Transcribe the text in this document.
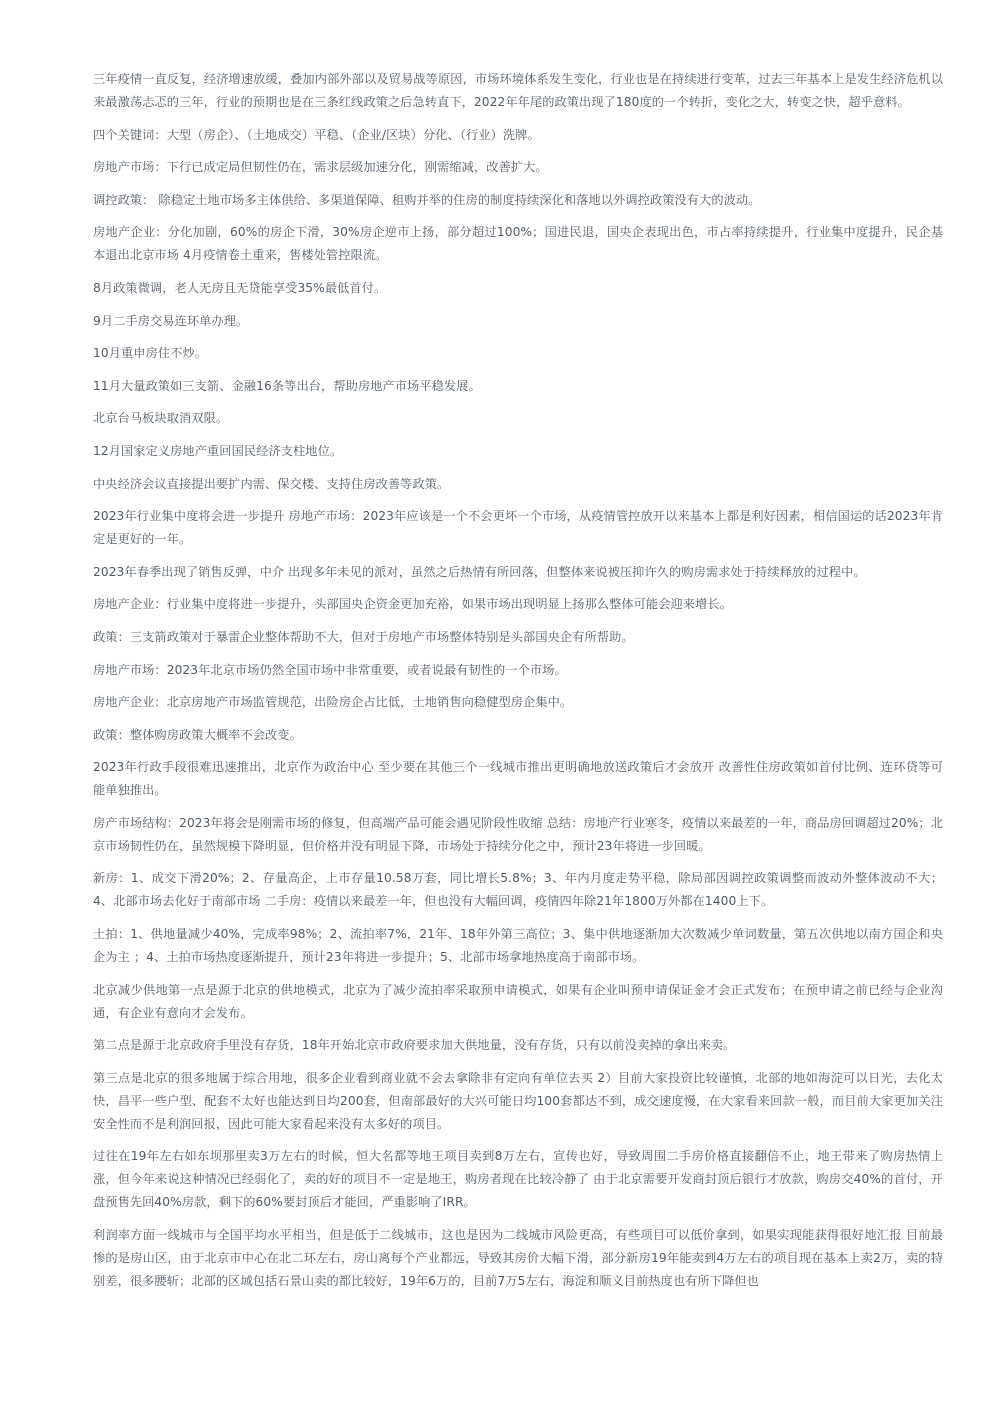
三年疫情一直反复，经济增速放缓，叠加内部外部以及贸易战等原因，市场环境体系发生变化，行业也是在持续进行变革，过去三年基本上是发生经济危机以来最激荡忐忑的三年，行业的预期也是在三条红线政策之后急转直下，2022年年尾的政策出现了180度的一个转折，变化之大，转变之快，超乎意料。

四个关键词：大型（房企）、（土地成交）平稳、（企业/区块）分化、（行业）洗牌。

房地产市场：下行已成定局但韧性仍在，需求层级加速分化，刚需缩减，改善扩大。

调控政策： 除稳定土地市场多主体供给、多渠道保障、租购并举的住房的制度持续深化和落地以外调控政策没有大的波动。

房地产企业：分化加剧，60%的房企下滑，30%房企逆市上扬，部分超过100%；国进民退，国央企表现出色，市占率持续提升，行业集中度提升，民企基本退出北京市场 4月疫情卷土重来，售楼处管控限流。

8月政策微调，老人无房且无贷能享受35%最低首付。

9月二手房交易连环单办理。

10月重申房住不炒。

11月大量政策如三支箭、金融16条等出台，帮助房地产市场平稳发展。

北京台马板块取消双限。

12月国家定义房地产重回国民经济支柱地位。

中央经济会议直接提出要扩内需、保交楼、支持住房改善等政策。

2023年行业集中度将会进一步提升 房地产市场：2023年应该是一个不会更坏一个市场，从疫情管控放开以来基本上都是利好因素，相信国运的话2023年肯定是更好的一年。

2023年春季出现了销售反弹，中介 出现多年未见的派对，虽然之后热情有所回落，但整体来说被压抑许久的购房需求处于持续释放的过程中。

房地产企业：行业集中度将进一步提升，头部国央企资金更加充裕，如果市场出现明显上扬那么整体可能会迎来增长。

政策：三支箭政策对于暴雷企业整体帮助不大，但对于房地产市场整体特别是头部国央企有所帮助。

房地产市场：2023年北京市场仍然全国市场中非常重要，或者说最有韧性的一个市场。

房地产企业：北京房地产市场监管规范，出险房企占比低，土地销售向稳健型房企集中。

政策：整体购房政策大概率不会改变。

2023年行政手段很难迅速推出，北京作为政治中心 至少要在其他三个一线城市推出更明确地放送政策后才会放开 改善性住房政策如首付比例、连环贷等可能单独推出。

房产市场结构：2023年将会是刚需市场的修复，但高端产品可能会遇见阶段性收缩 总结：房地产行业寒冬，疫情以来最差的一年，商品房回调超过20%；北京市场韧性仍在，虽然规模下降明显，但价格并没有明显下降，市场处于持续分化之中，预计23年将进一步回暖。

新房：1、成交下滑20%；2、存量高企，上市存量10.58万套，同比增长5.8%；3、年内月度走势平稳，除局部因调控政策调整而波动外整体波动不大；4、北部市场去化好于南部市场 二手房：疫情以来最差一年，但也没有大幅回调，疫情四年除21年1800万外都在1400上下。

土拍：1、供地量减少40%，完成率98%；2、流拍率7%，21年、18年外第三高位；3、集中供地逐渐加大次数减少单词数量，第五次供地以南方国企和央企为主 ；4、土拍市场热度逐渐提升，预计23年将进一步提升；5、北部市场拿地热度高于南部市场。

北京减少供地第一点是源于北京的供地模式，北京为了减少流拍率采取预申请模式，如果有企业叫预申请保证金才会正式发布；在预申请之前已经与企业沟通，有企业有意向才会发布。

第二点是源于北京政府手里没有存货，18年开始北京市政府要求加大供地量，没有存货，只有以前没卖掉的拿出来卖。

第三点是北京的很多地属于综合用地，很多企业看到商业就不会去拿除非有定向有单位去买 2）目前大家投资比较谨慎，北部的地如海淀可以日光，去化太快，昌平一些户型、配套不太好也能达到日均200套，但南部最好的大兴可能日均100套都达不到，成交速度慢，在大家看来回款一般，而目前大家更加关注安全性而不是利润回报，因此可能大家看起来没有太多好的项目。

过往在19年左右如东坝那里卖3万左右的时候，恒大名都等地王项目卖到8万左右，宣传也好，导致周围二手房价格直接翻倍不止，地王带来了购房热情上涨，但今年来说这种情况已经弱化了，卖的好的项目不一定是地王，购房者现在比较冷静了 由于北京需要开发商封顶后银行才放款，购房交40%的首付，开盘预售先回40%房款，剩下的60%要封顶后才能回，严重影响了IRR。

利润率方面一线城市与全国平均水平相当，但是低于二线城市，这也是因为二线城市风险更高，有些项目可以低价拿到，如果实现能获得很好地汇报 目前最惨的是房山区，由于北京市中心在北二环左右，房山离每个产业都远，导致其房价大幅下滑，部分新房19年能卖到4万左右的项目现在基本上卖2万，卖的特别差，很多腰斩；北部的区域包括石景山卖的都比较好，19年6万的，目前7万5左右，海淀和顺义目前热度也有所下降但也
